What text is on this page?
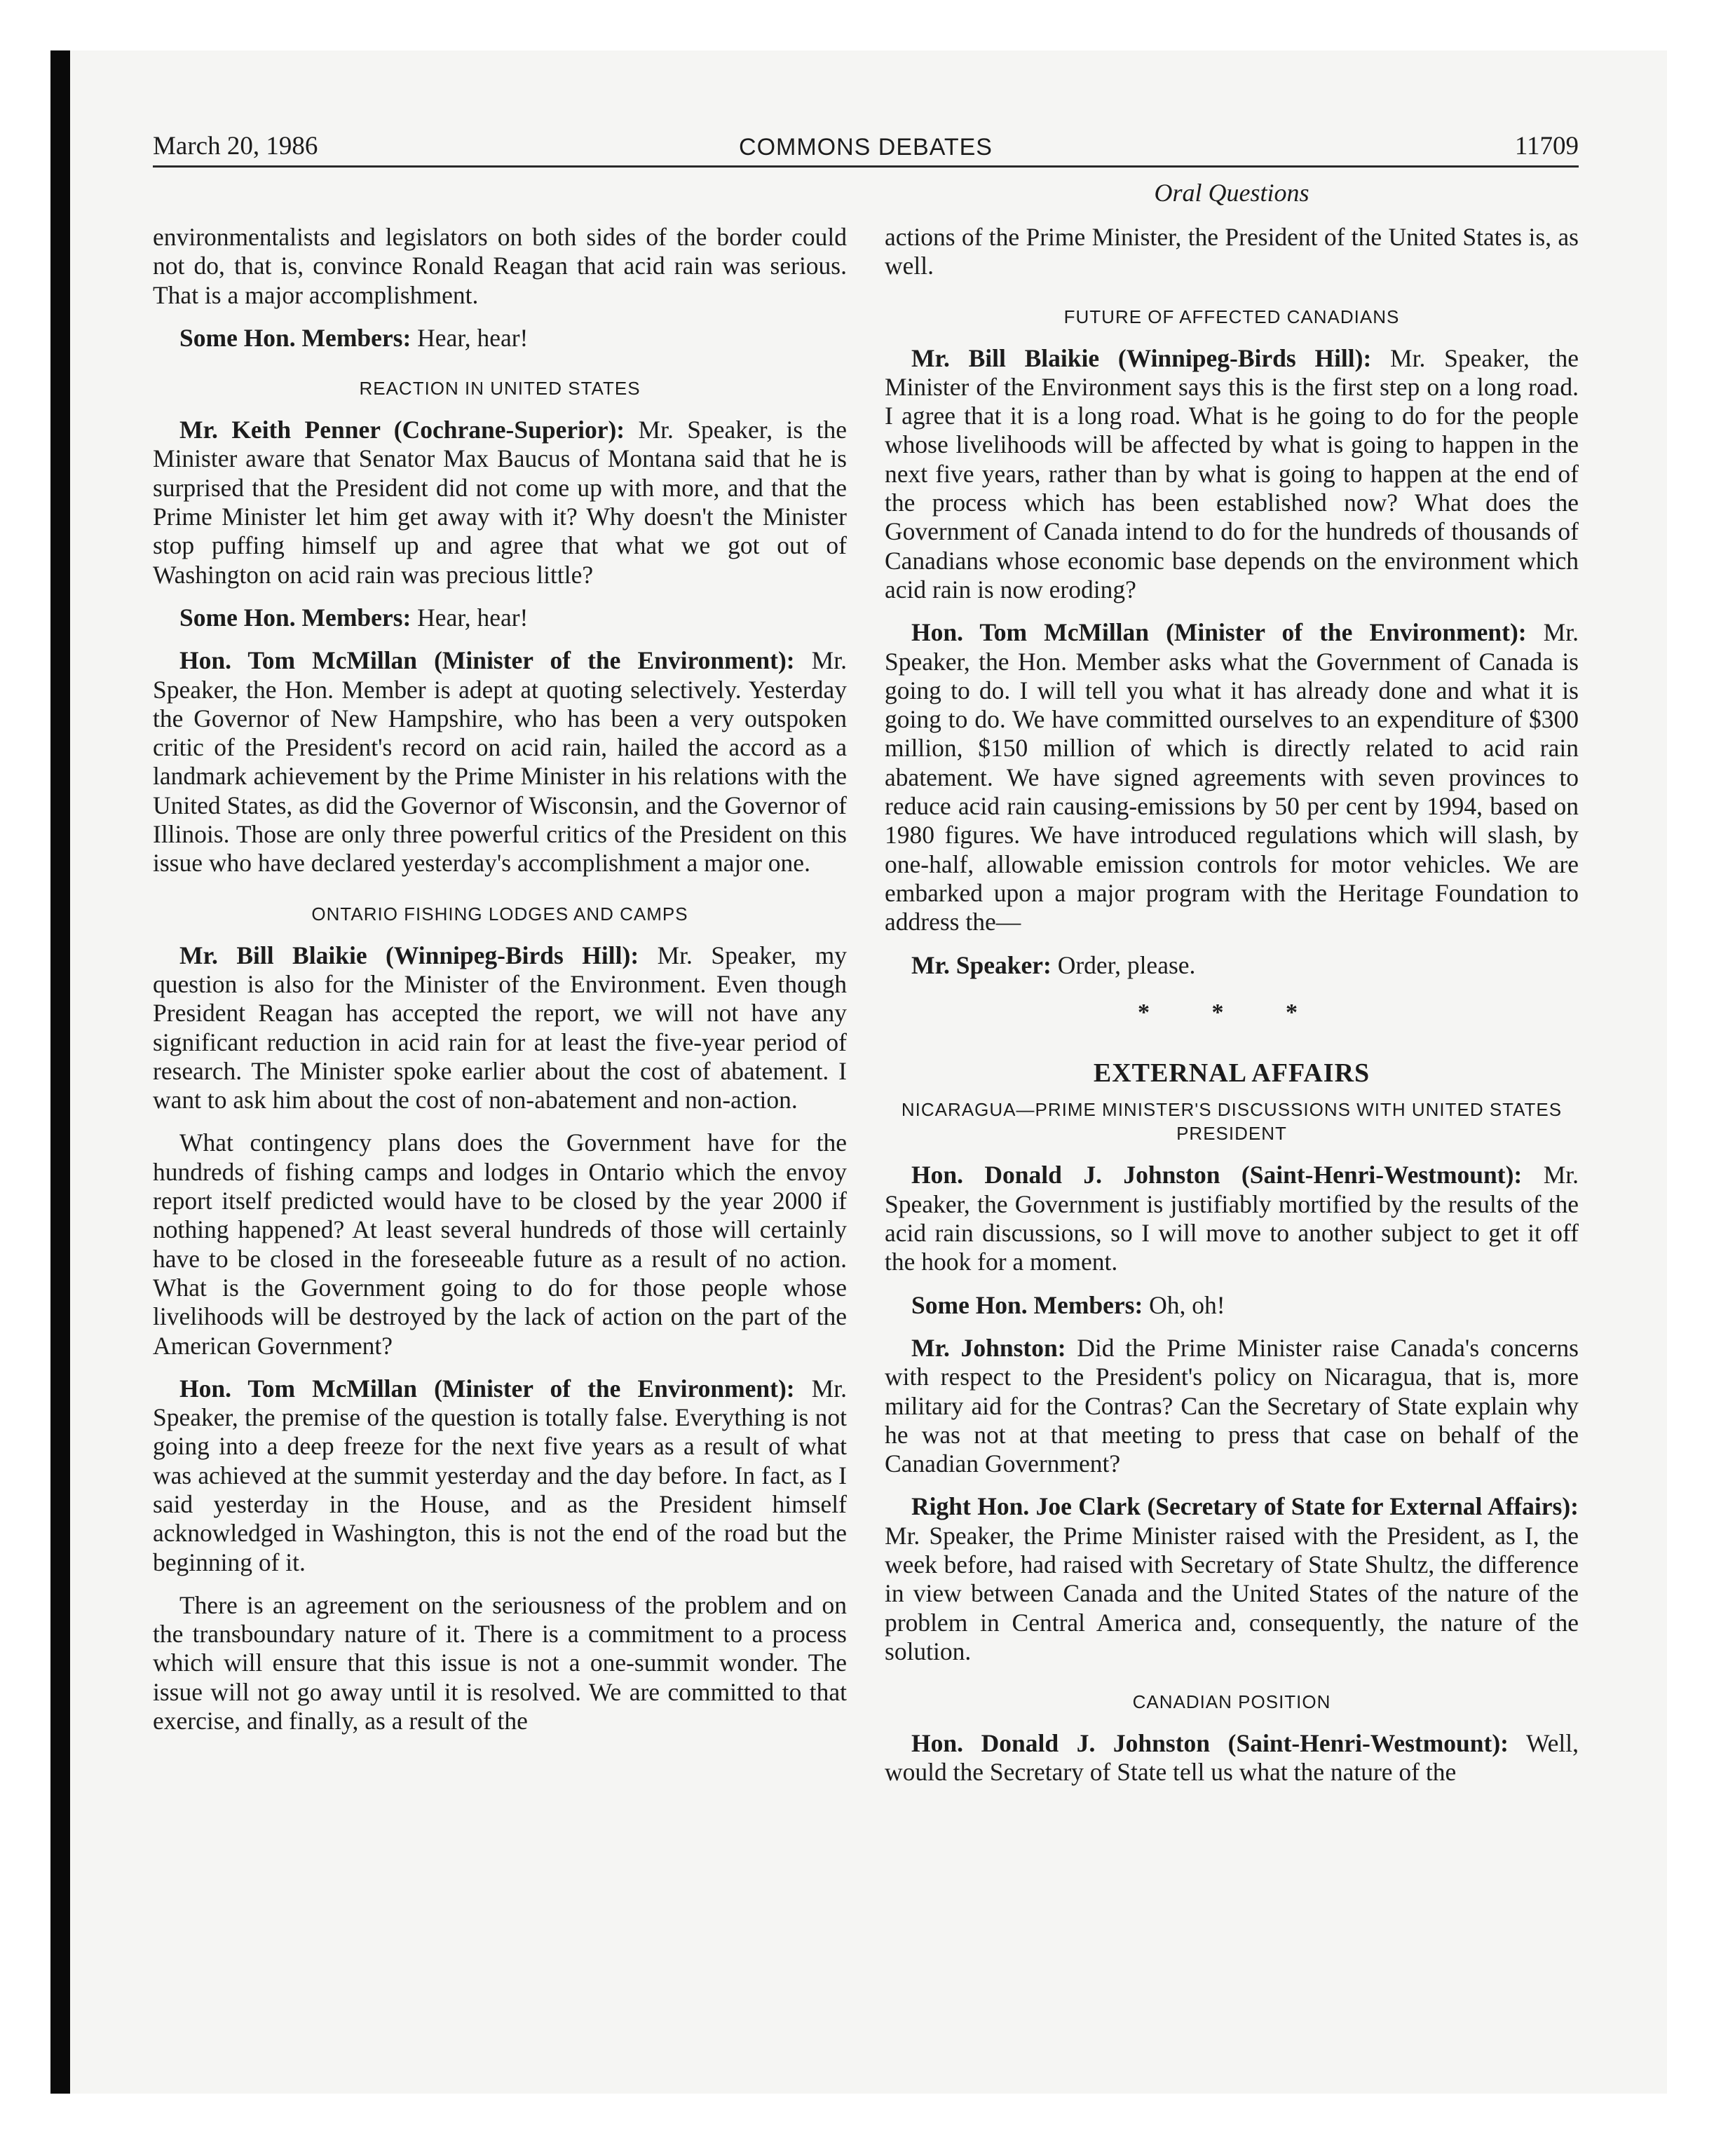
March 20, 1986	COMMONS DEBATES	11709
Oral Questions

environmentalists and legislators on both sides of the border could not do, that is, convince Ronald Reagan that acid rain was serious. That is a major accomplishment.

Some Hon. Members: Hear, hear!

REACTION IN UNITED STATES

Mr. Keith Penner (Cochrane-Superior): Mr. Speaker, is the Minister aware that Senator Max Baucus of Montana said that he is surprised that the President did not come up with more, and that the Prime Minister let him get away with it? Why doesn't the Minister stop puffing himself up and agree that what we got out of Washington on acid rain was precious little?

Some Hon. Members: Hear, hear!

Hon. Tom McMillan (Minister of the Environment): Mr. Speaker, the Hon. Member is adept at quoting selectively. Yesterday the Governor of New Hampshire, who has been a very outspoken critic of the President's record on acid rain, hailed the accord as a landmark achievement by the Prime Minister in his relations with the United States, as did the Governor of Wisconsin, and the Governor of Illinois. Those are only three powerful critics of the President on this issue who have declared yesterday's accomplishment a major one.

ONTARIO FISHING LODGES AND CAMPS

Mr. Bill Blaikie (Winnipeg-Birds Hill): Mr. Speaker, my question is also for the Minister of the Environment. Even though President Reagan has accepted the report, we will not have any significant reduction in acid rain for at least the five-year period of research. The Minister spoke earlier about the cost of abatement. I want to ask him about the cost of non-abatement and non-action.

What contingency plans does the Government have for the hundreds of fishing camps and lodges in Ontario which the envoy report itself predicted would have to be closed by the year 2000 if nothing happened? At least several hundreds of those will certainly have to be closed in the foreseeable future as a result of no action. What is the Government going to do for those people whose livelihoods will be destroyed by the lack of action on the part of the American Government?

Hon. Tom McMillan (Minister of the Environment): Mr. Speaker, the premise of the question is totally false. Everything is not going into a deep freeze for the next five years as a result of what was achieved at the summit yesterday and the day before. In fact, as I said yesterday in the House, and as the President himself acknowledged in Washington, this is not the end of the road but the beginning of it.

There is an agreement on the seriousness of the problem and on the transboundary nature of it. There is a commitment to a process which will ensure that this issue is not a one-summit wonder. The issue will not go away until it is resolved. We are committed to that exercise, and finally, as a result of the

actions of the Prime Minister, the President of the United States is, as well.

FUTURE OF AFFECTED CANADIANS

Mr. Bill Blaikie (Winnipeg-Birds Hill): Mr. Speaker, the Minister of the Environment says this is the first step on a long road. I agree that it is a long road. What is he going to do for the people whose livelihoods will be affected by what is going to happen in the next five years, rather than by what is going to happen at the end of the process which has been established now? What does the Government of Canada intend to do for the hundreds of thousands of Canadians whose economic base depends on the environment which acid rain is now eroding?

Hon. Tom McMillan (Minister of the Environment): Mr. Speaker, the Hon. Member asks what the Government of Canada is going to do. I will tell you what it has already done and what it is going to do. We have committed ourselves to an expenditure of $300 million, $150 million of which is directly related to acid rain abatement. We have signed agreements with seven provinces to reduce acid rain causing-emissions by 50 per cent by 1994, based on 1980 figures. We have introduced regulations which will slash, by one-half, allowable emission controls for motor vehicles. We are embarked upon a major program with the Heritage Foundation to address the—

Mr. Speaker: Order, please.

* * *
EXTERNAL AFFAIRS
NICARAGUA—PRIME MINISTER'S DISCUSSIONS WITH UNITED STATES PRESIDENT

Hon. Donald J. Johnston (Saint-Henri-Westmount): Mr. Speaker, the Government is justifiably mortified by the results of the acid rain discussions, so I will move to another subject to get it off the hook for a moment.

Some Hon. Members: Oh, oh!

Mr. Johnston: Did the Prime Minister raise Canada's concerns with respect to the President's policy on Nicaragua, that is, more military aid for the Contras? Can the Secretary of State explain why he was not at that meeting to press that case on behalf of the Canadian Government?

Right Hon. Joe Clark (Secretary of State for External Affairs): Mr. Speaker, the Prime Minister raised with the President, as I, the week before, had raised with Secretary of State Shultz, the difference in view between Canada and the United States of the nature of the problem in Central America and, consequently, the nature of the solution.

CANADIAN POSITION

Hon. Donald J. Johnston (Saint-Henri-Westmount): Well, would the Secretary of State tell us what the nature of the
